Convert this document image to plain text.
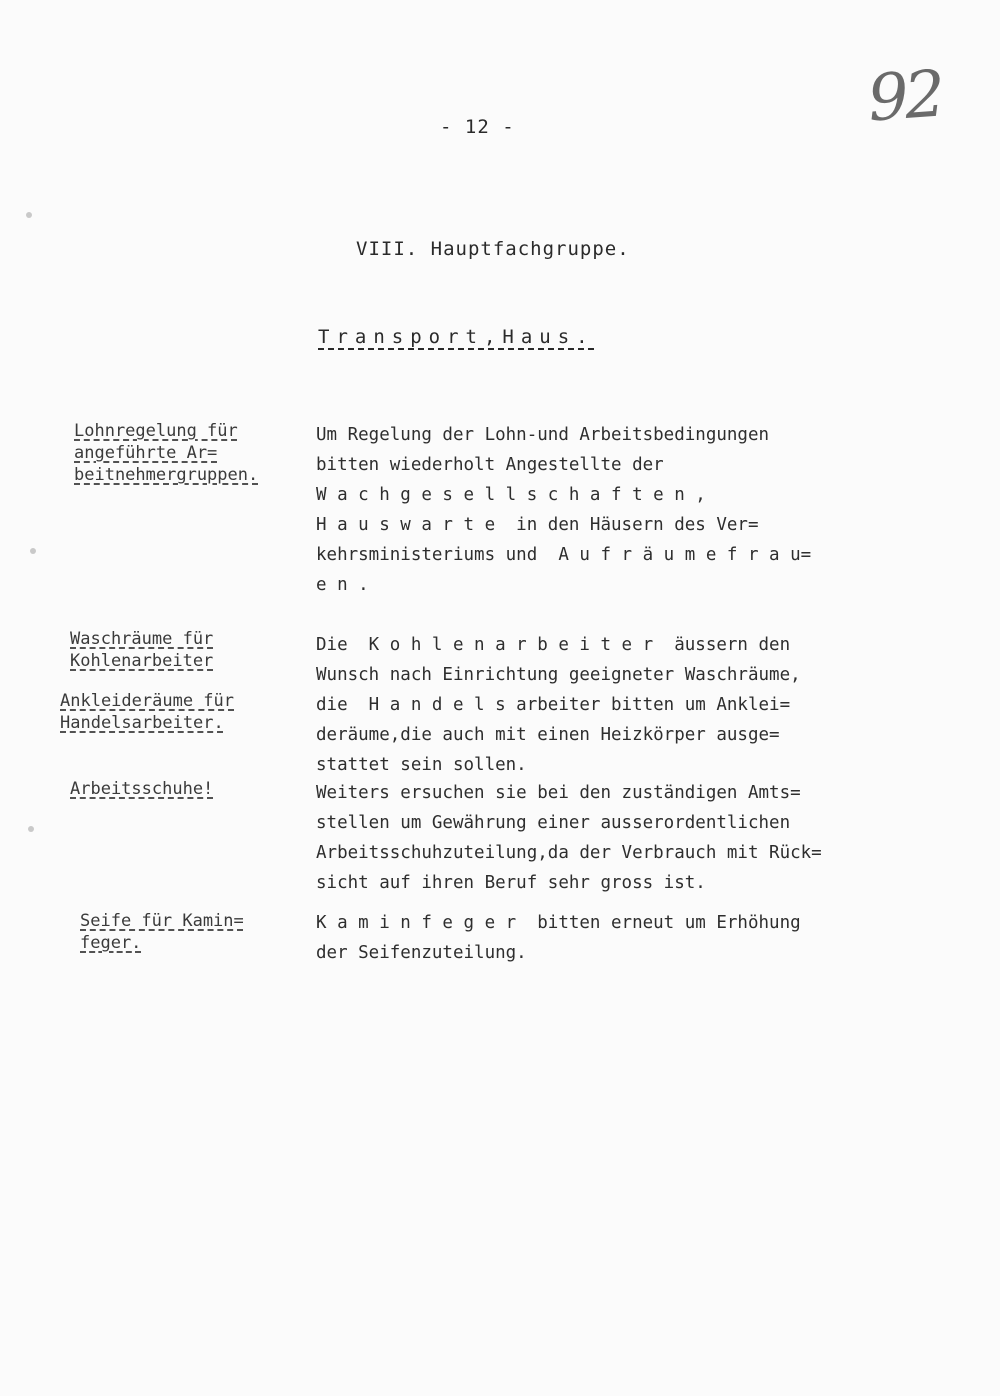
92
- 12 -
VIII. Hauptfachgruppe.
Transport,Haus.
Lohnregelung für
angeführte Ar=
beitnehmergruppen.
Um Regelung der Lohn-und Arbeitsbedingungen
bitten wiederholt Angestellte der
W a c h g e s e l l s c h a f t e n ,
H a u s w a r t e  in den Häusern des Ver=
kehrsministeriums und  A u f r ä u m e f r a u=
e n .
Waschräume für
Kohlenarbeiter
Ankleideräume für
Handelsarbeiter.
Die  K o h l e n a r b e i t e r  äussern den
Wunsch nach Einrichtung geeigneter Waschräume,
die  H a n d e l s arbeiter bitten um Anklei=
deräume,die auch mit einen Heizkörper ausge=
stattet sein sollen.
Arbeitsschuhe!	Weiters ersuchen sie bei den zuständigen Amts=
stellen um Gewährung einer ausserordentlichen
Arbeitsschuhzuteilung,da der Verbrauch mit Rück=
sicht auf ihren Beruf sehr gross ist.
Seife für Kamin=
feger.
K a m i n f e g e r  bitten erneut um Erhöhung
der Seifenzuteilung.
